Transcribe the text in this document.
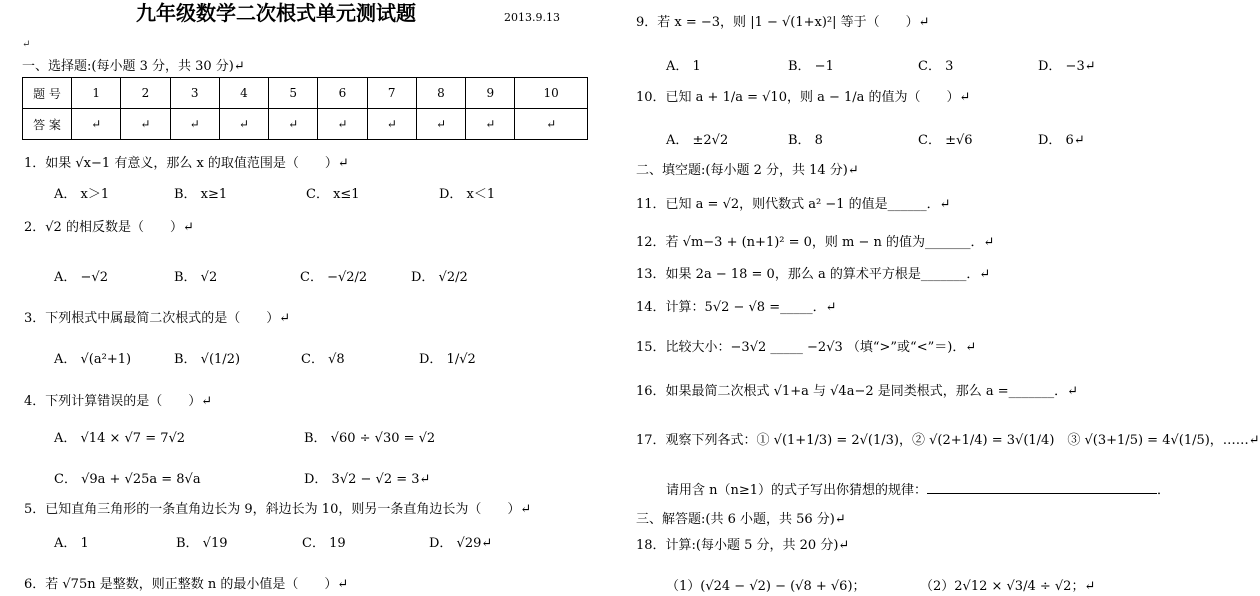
九年级数学二次根式单元测试题	2013.9.13
↵
一、选择题:(每小题 3 分，共 30 分)↵
题 号	1	2	3	4	5	6	7	8	9	10
答 案	↵	↵	↵	↵	↵	↵	↵	↵	↵	↵
1．如果 √x−1 有意义，那么 x 的取值范围是（　　）↵
A． x＞1	B． x≥1	C． x≤1	D． x＜1
2．√2 的相反数是（　　）↵
A． −√2	B． √2	C． −√2/2	D． √2/2
3．下列根式中属最简二次根式的是（　　）↵
A． √(a²+1)	B． √(1/2)	C． √8	D． 1/√2
4．下列计算错误的是（　　）↵
A． √14 × √7 = 7√2	B． √60 ÷ √30 = √2
C． √9a + √25a = 8√a	D． 3√2 − √2 = 3↵
5．已知直角三角形的一条直角边长为 9，斜边长为 10，则另一条直角边长为（　　）↵
A． 1	B． √19	C． 19	D． √29↵
6．若 √75n 是整数，则正整数 n 的最小值是（　　）↵
9．若 x = −3，则 |1 − √(1+x)²| 等于（　　）↵
A． 1	B． −1	C． 3	D． −3↵
10．已知 a + 1/a = √10，则 a − 1/a 的值为（　　）↵
A． ±2√2	B． 8	C． ±√6	D． 6↵
二、填空题:(每小题 2 分，共 14 分)↵
11．已知 a = √2，则代数式 a² −1 的值是______．↵
12．若 √m−3 + (n+1)² = 0，则 m − n 的值为_______．↵
13．如果 2a − 18 = 0，那么 a 的算术平方根是_______．↵
14．计算：5√2 − √8 =_____．↵
15．比较大小：−3√2 _____ −2√3 （填“>”或“<”＝)．↵
16．如果最简二次根式 √1+a 与 √4a−2 是同类根式，那么 a =_______．↵
17．观察下列各式：① √(1+1/3) = 2√(1/3)，② √(2+1/4) = 3√(1/4)　③ √(3+1/5) = 4√(1/5)，……↵
请用含 n（n≥1）的式子写出你猜想的规律：	．
三、解答题:(共 6 小题，共 56 分)↵
18．计算:(每小题 5 分，共 20 分)↵
（1）(√24 − √2) − (√8 + √6)；	（2）2√12 × √3/4 ÷ √2；↵
